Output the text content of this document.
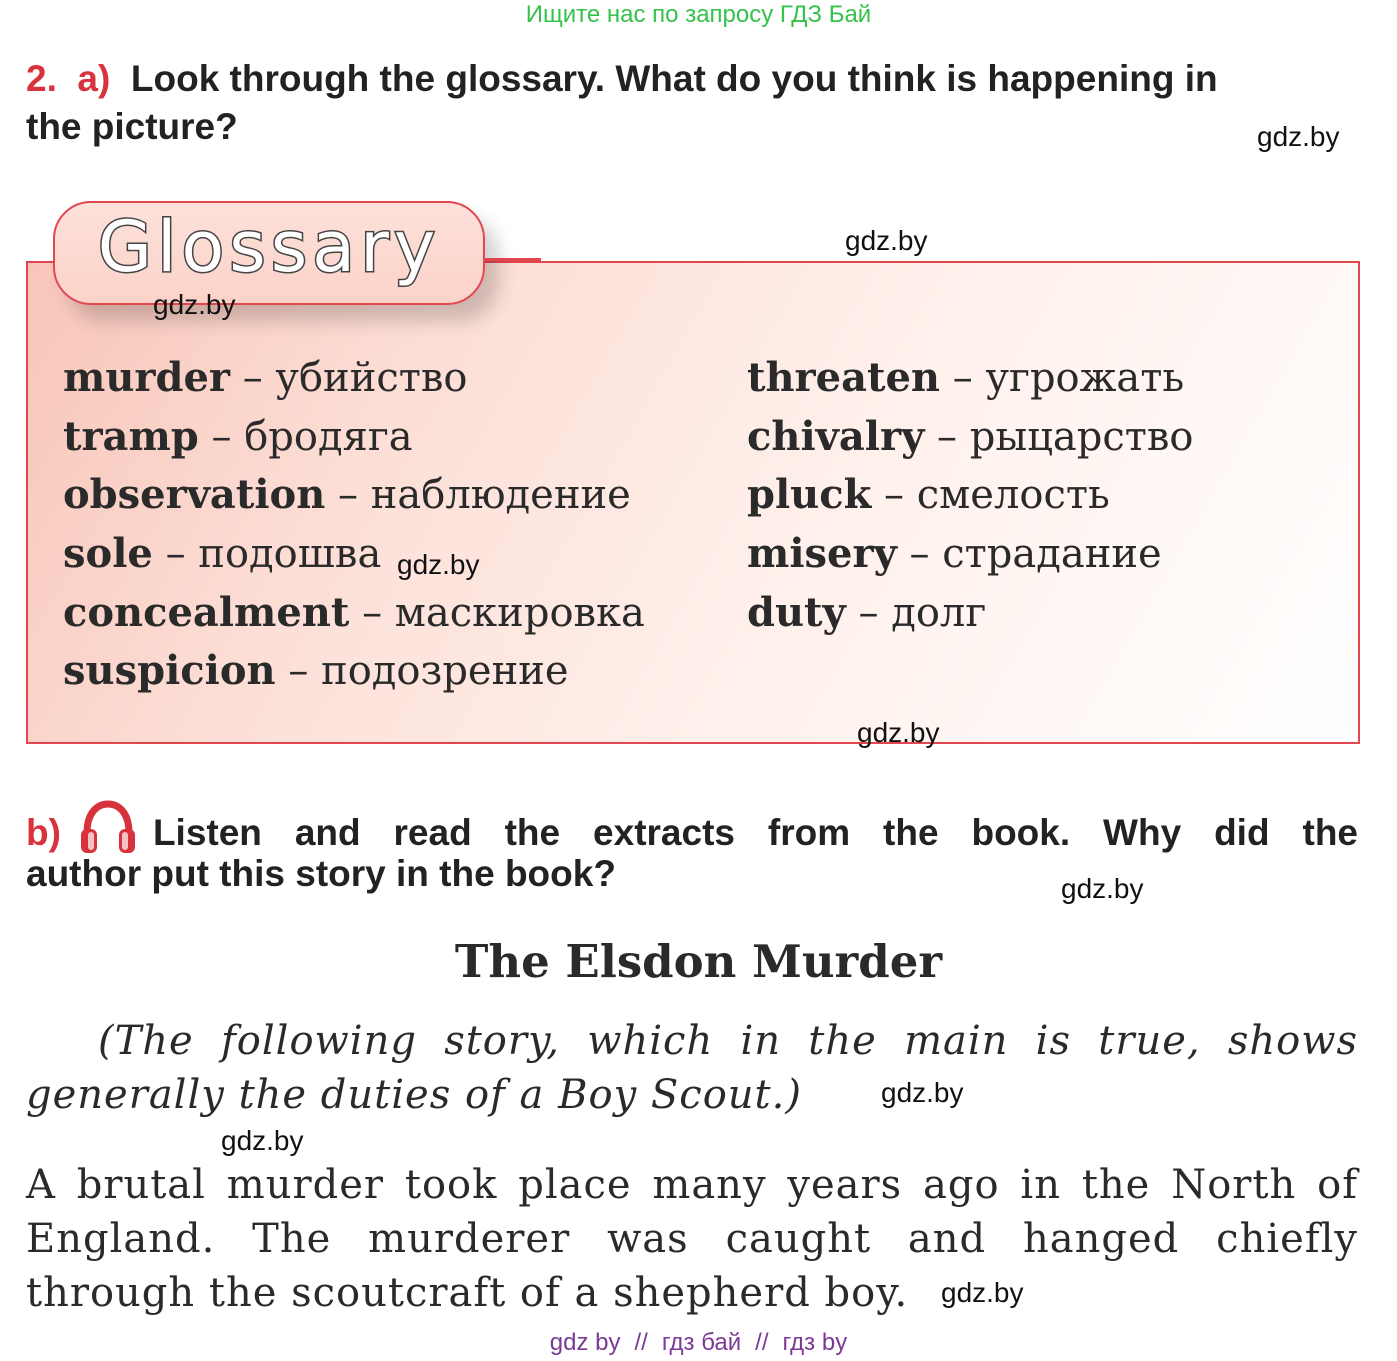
Ищите нас по запросу ГДЗ Бай
2. a) Look through the glossary. What do you think is happening in
the picture?	gdz.by
Glossary	gdz.by
gdz.by
murder – убийство
tramp – бродяга
observation – наблюдение
sole – подошва
concealment – маскировка
suspicion – подозрение
threaten – угрожать
chivalry – рыцарство
pluck – смелость
misery – страдание
duty – долг
gdz.by
gdz.by
b) Listen and read the extracts from the book. Why did the
author put this story in the book?	gdz.by
The Elsdon Murder
(The following story, which in the main is true, shows generally the duties of a Boy Scout.)	gdz.by
gdz.by
A brutal murder took place many years ago in the North of England. The murderer was caught and hanged chiefly through the scoutcraft of a shepherd boy.	gdz.by
gdz by // гдз бай // гдз by
